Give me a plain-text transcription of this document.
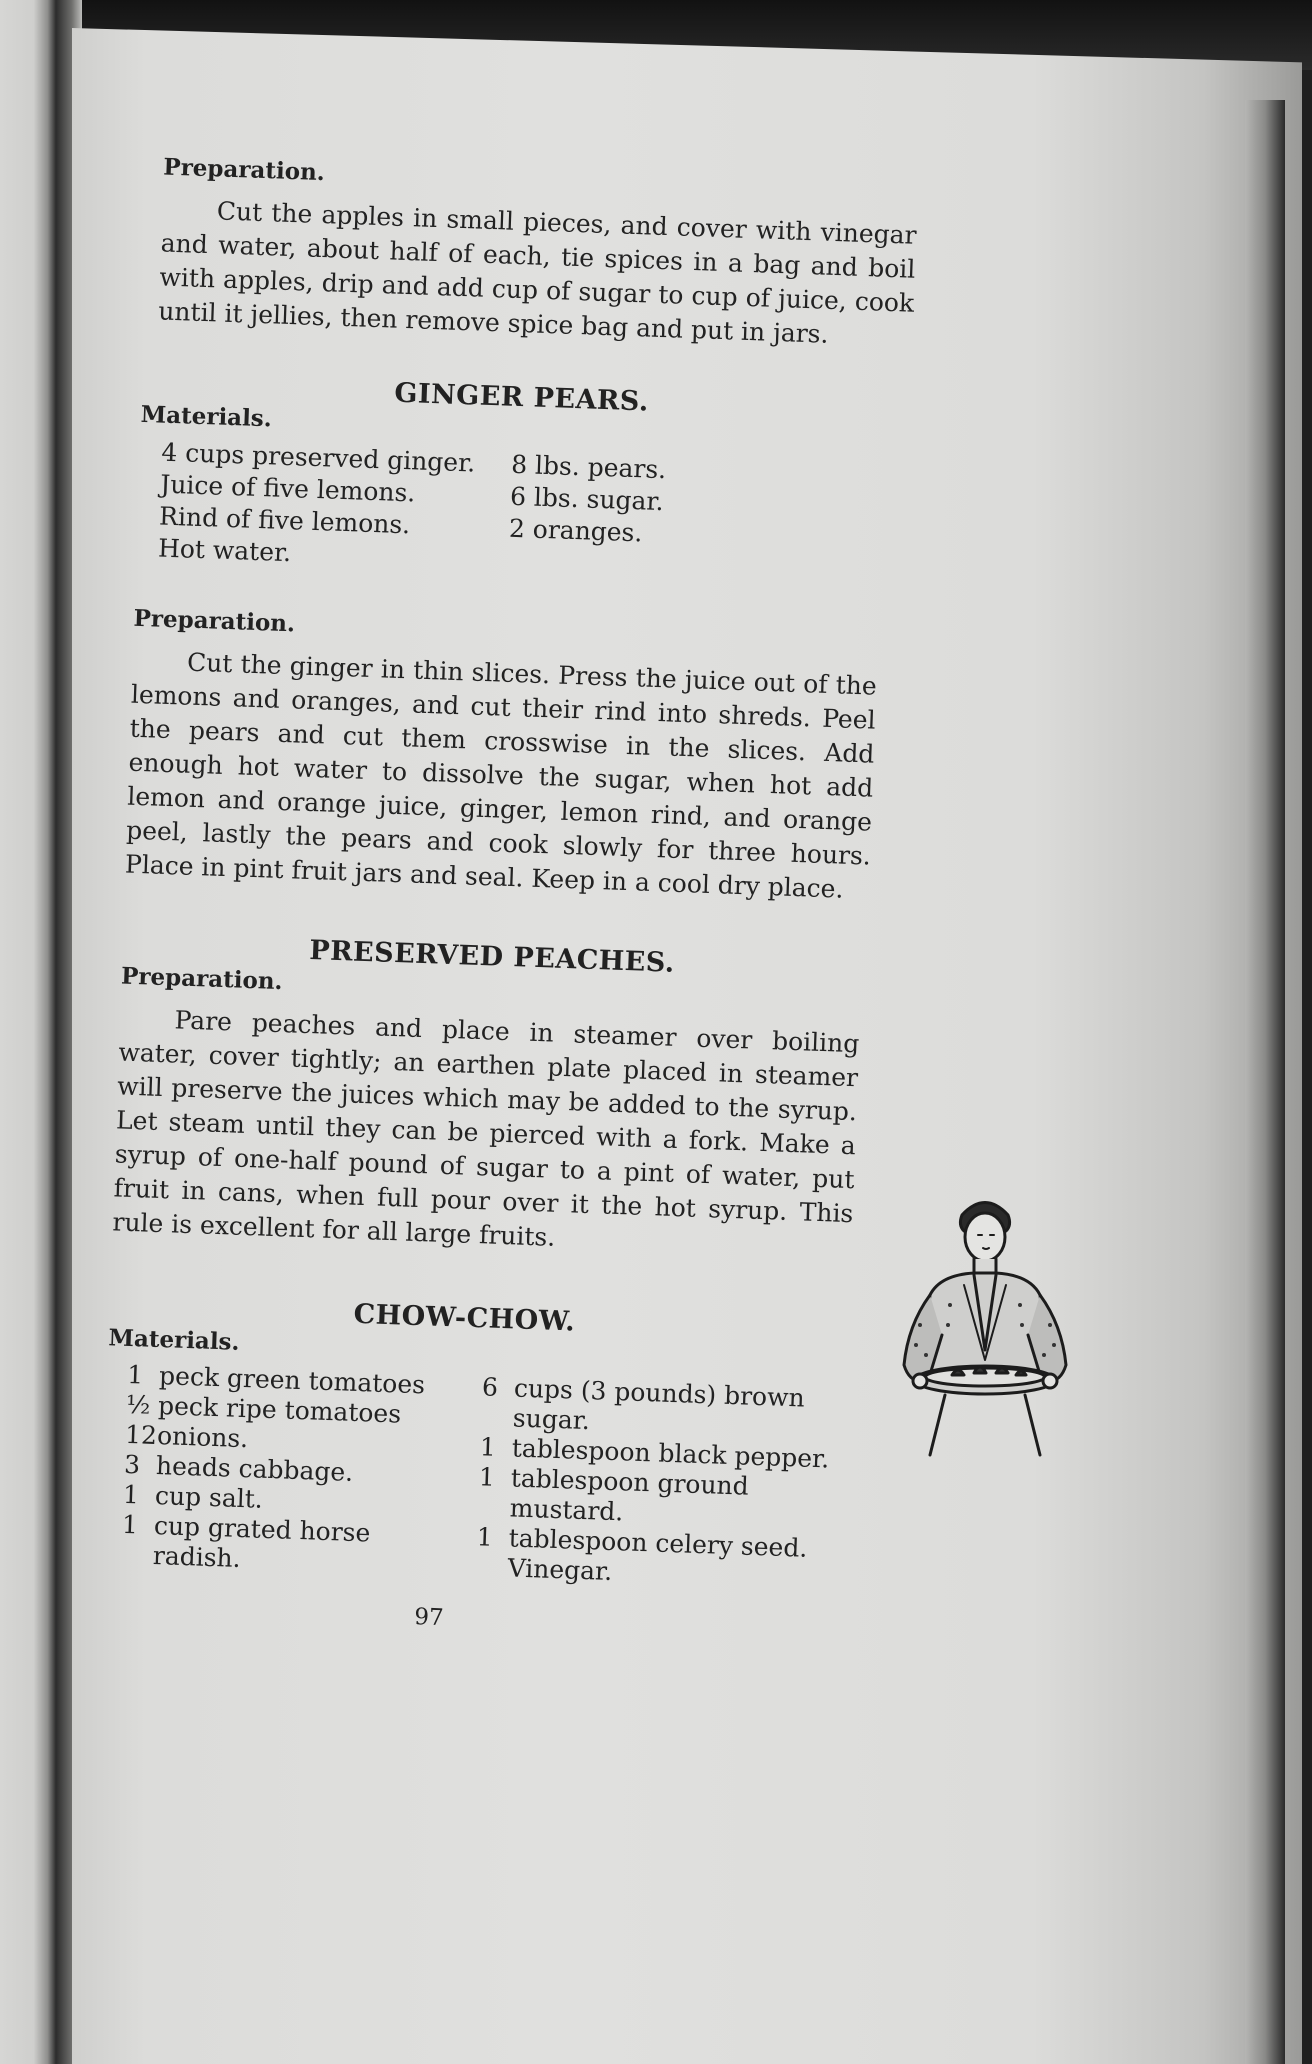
Preparation.

Cut the apples in small pieces, and cover with vinegar and water, about half of each, tie spices in a bag and boil with apples, drip and add cup of sugar to cup of juice, cook until it jellies, then remove spice bag and put in jars.

GINGER PEARS.

Materials.

4 cups preserved ginger.
Juice of five lemons.
Rind of five lemons.
Hot water.
8 lbs. pears.
6 lbs. sugar.
2 oranges.

Preparation.

Cut the ginger in thin slices. Press the juice out of the lemons and oranges, and cut their rind into shreds. Peel the pears and cut them crosswise in the slices. Add enough hot water to dissolve the sugar, when hot add lemon and orange juice, ginger, lemon rind, and orange peel, lastly the pears and cook slowly for three hours. Place in pint fruit jars and seal. Keep in a cool dry place.

PRESERVED PEACHES.

Preparation.

Pare peaches and place in steamer over boiling water, cover tightly; an earthen plate placed in steamer will preserve the juices which may be added to the syrup. Let steam until they can be pierced with a fork. Make a syrup of one-half pound of sugar to a pint of water, put fruit in cans, when full pour over it the hot syrup. This rule is excellent for all large fruits.

CHOW-CHOW.

Materials.

1 peck green tomatoes
½ peck ripe tomatoes
12 onions.
3 heads cabbage.
1 cup salt.
1 cup grated horse radish.
6 cups (3 pounds) brown sugar.
1 tablespoon black pepper.
1 tablespoon ground mustard.
1 tablespoon celery seed.
Vinegar.
97
